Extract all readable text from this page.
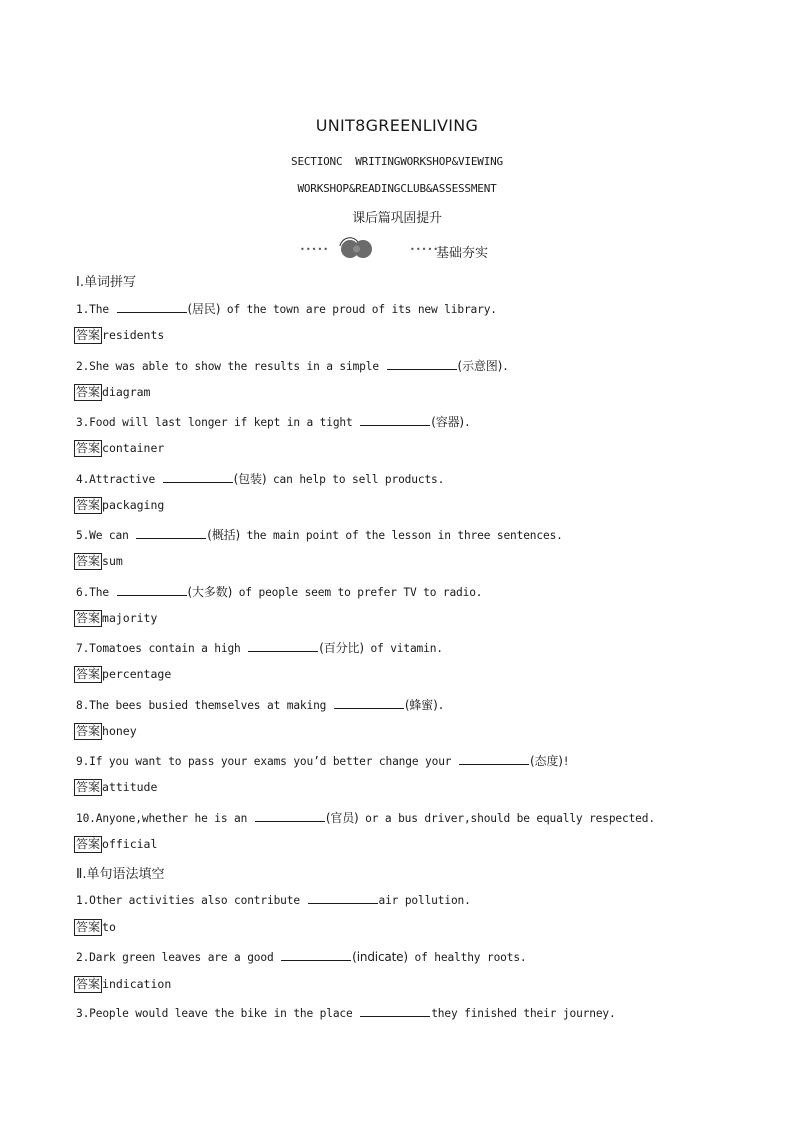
UNIT8GREENLIVING
SECTIONC  WRITINGWORKSHOP&VIEWING
WORKSHOP&READINGCLUB&ASSESSMENT
课后篇巩固提升
•••••	•••••
基础夯实
Ⅰ.单词拼写
1.The	(居民) of the town are proud of its new library.
答案 residents
2.She was able to show the results in a simple	(示意图).
答案 diagram
3.Food will last longer if kept in a tight	(容器).
答案 container
4.Attractive	(包装) can help to sell products.
答案 packaging
5.We can	(概括) the main point of the lesson in three sentences.
答案 sum
6.The	(大多数) of people seem to prefer TV to radio.
答案 majority
7.Tomatoes contain a high	(百分比) of vitamin.
答案 percentage
8.The bees busied themselves at making	(蜂蜜).
答案 honey
9.If you want to pass your exams you’d better change your	(态度)!
答案 attitude
10.Anyone,whether he is an	(官员) or a bus driver,should be equally respected.
答案 official
Ⅱ.单句语法填空
1.Other activities also contribute	air pollution.
答案 to
2.Dark green leaves are a good	(indicate) of healthy roots.
答案 indication
3.People would leave the bike in the place	they finished their journey.
